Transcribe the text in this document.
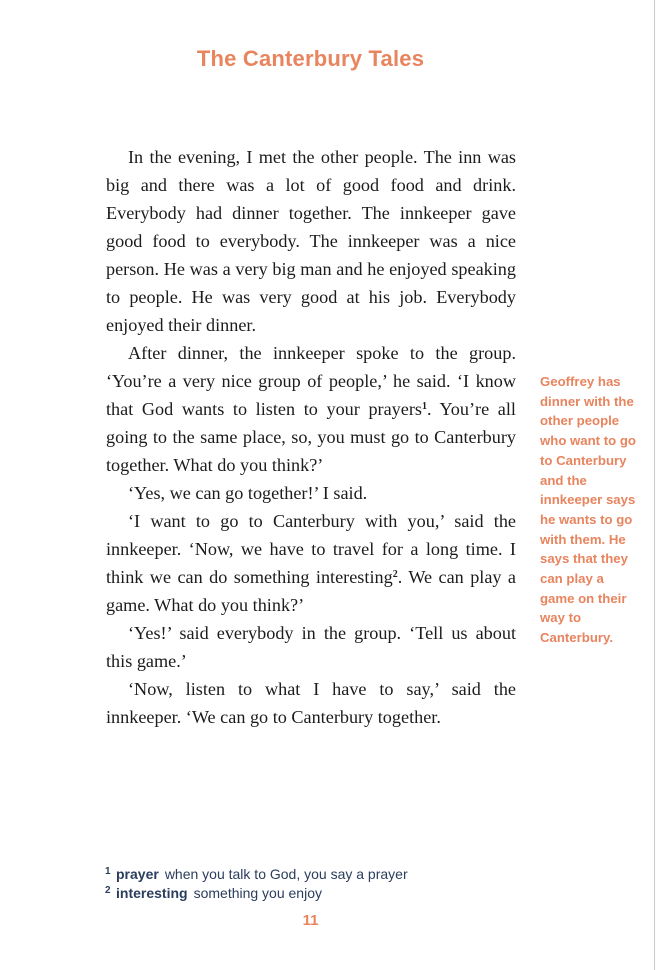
The Canterbury Tales

In the evening, I met the other people. The inn was big and there was a lot of good food and drink. Everybody had dinner together. The innkeeper gave good food to everybody. The innkeeper was a nice person. He was a very big man and he enjoyed speaking to people. He was very good at his job. Everybody enjoyed their dinner.

After dinner, the innkeeper spoke to the group. ‘You’re a very nice group of people,’ he said. ‘I know that God wants to listen to your prayers$^1$. You’re all going to the same place, so, you must go to Canterbury together. What do you think?’

‘Yes, we can go together!’ I said.

‘I want to go to Canterbury with you,’ said the innkeeper. ‘Now, we have to travel for a long time. I think we can do something interesting$^2$. We can play a game. What do you think?’

‘Yes!’ said everybody in the group. ‘Tell us about this game.’

‘Now, listen to what I have to say,’ said the innkeeper. ‘We can go to Canterbury together.

Geoffrey has dinner with the other people who want to go to Canterbury and the innkeeper says he wants to go with them. He says that they can play a game on their way to Canterbury.
1 prayer when you talk to God, you say a prayer
2 interesting something you enjoy
11
